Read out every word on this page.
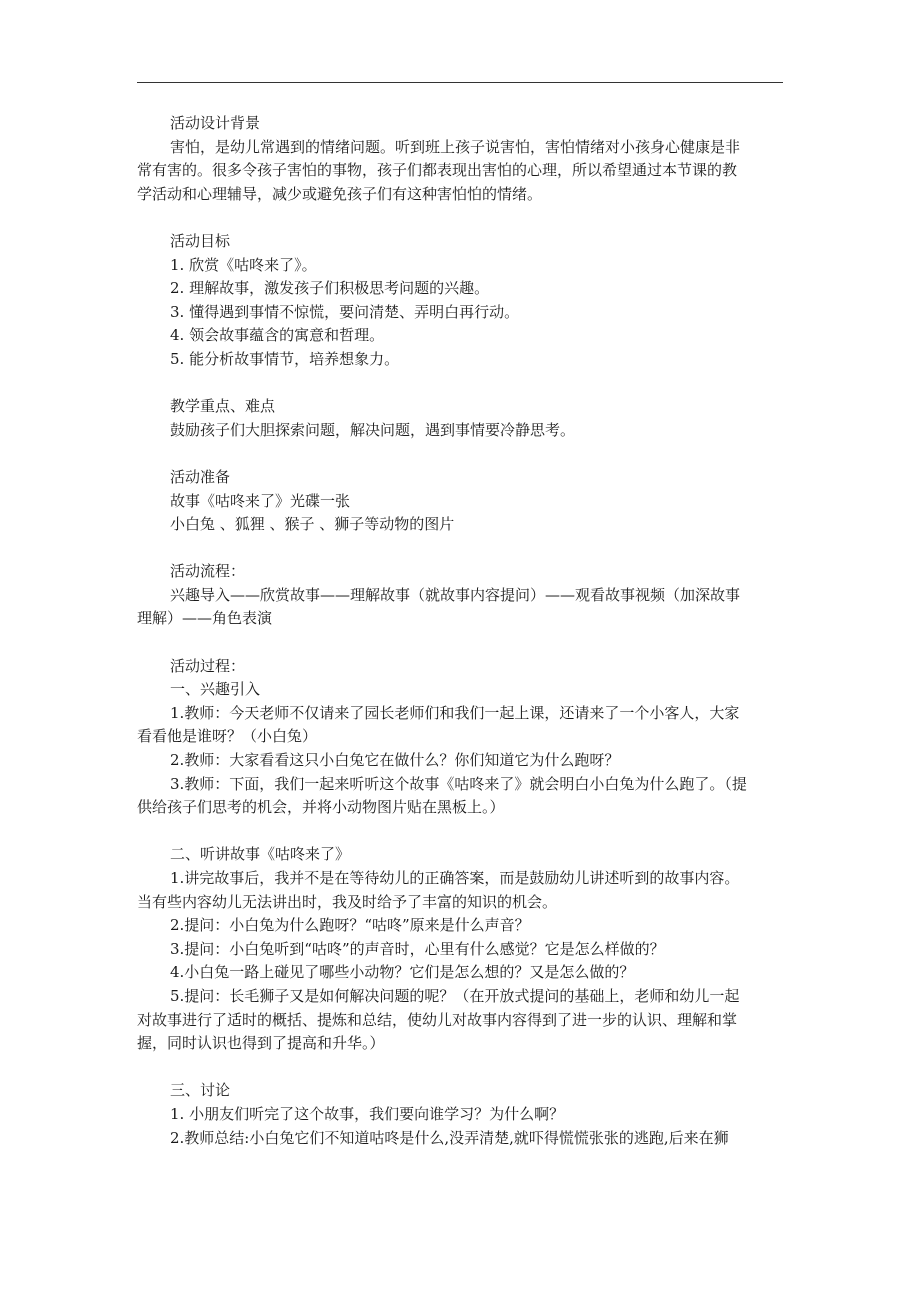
活动设计背景
害怕，是幼儿常遇到的情绪问题。听到班上孩子说害怕，害怕情绪对小孩身心健康是非
常有害的。很多令孩子害怕的事物，孩子们都表现出害怕的心理，所以希望通过本节课的教
学活动和心理辅导，减少或避免孩子们有这种害怕怕的情绪。
活动目标
1. 欣赏《咕咚来了》。
2. 理解故事，激发孩子们积极思考问题的兴趣。
3. 懂得遇到事情不惊慌，要问清楚、弄明白再行动。
4. 领会故事蕴含的寓意和哲理。
5. 能分析故事情节，培养想象力。
教学重点、难点
鼓励孩子们大胆探索问题，解决问题，遇到事情要冷静思考。
活动准备
故事《咕咚来了》光碟一张
小白兔 、狐狸 、猴子 、狮子等动物的图片
活动流程：
兴趣导入——欣赏故事——理解故事（就故事内容提问）——观看故事视频（加深故事
理解）——角色表演
活动过程：
一、兴趣引入
1.教师：今天老师不仅请来了园长老师们和我们一起上课，还请来了一个小客人，大家
看看他是谁呀？（小白兔）
2.教师：大家看看这只小白兔它在做什么？你们知道它为什么跑呀？
3.教师：下面，我们一起来听听这个故事《咕咚来了》就会明白小白兔为什么跑了。（提
供给孩子们思考的机会，并将小动物图片贴在黑板上。）
二、听讲故事《咕咚来了》
1.讲完故事后，我并不是在等待幼儿的正确答案，而是鼓励幼儿讲述听到的故事内容。
当有些内容幼儿无法讲出时，我及时给予了丰富的知识的机会。
2.提问：小白兔为什么跑呀？“咕咚”原来是什么声音？
3.提问：小白兔听到“咕咚”的声音时，心里有什么感觉？它是怎么样做的？
4.小白兔一路上碰见了哪些小动物？它们是怎么想的？又是怎么做的？
5.提问：长毛狮子又是如何解决问题的呢？（在开放式提问的基础上，老师和幼儿一起
对故事进行了适时的概括、提炼和总结，使幼儿对故事内容得到了进一步的认识、理解和掌
握，同时认识也得到了提高和升华。）
三、讨论
1. 小朋友们听完了这个故事，我们要向谁学习？为什么啊？
2.教师总结:小白兔它们不知道咕咚是什么,没弄清楚,就吓得慌慌张张的逃跑,后来在狮
